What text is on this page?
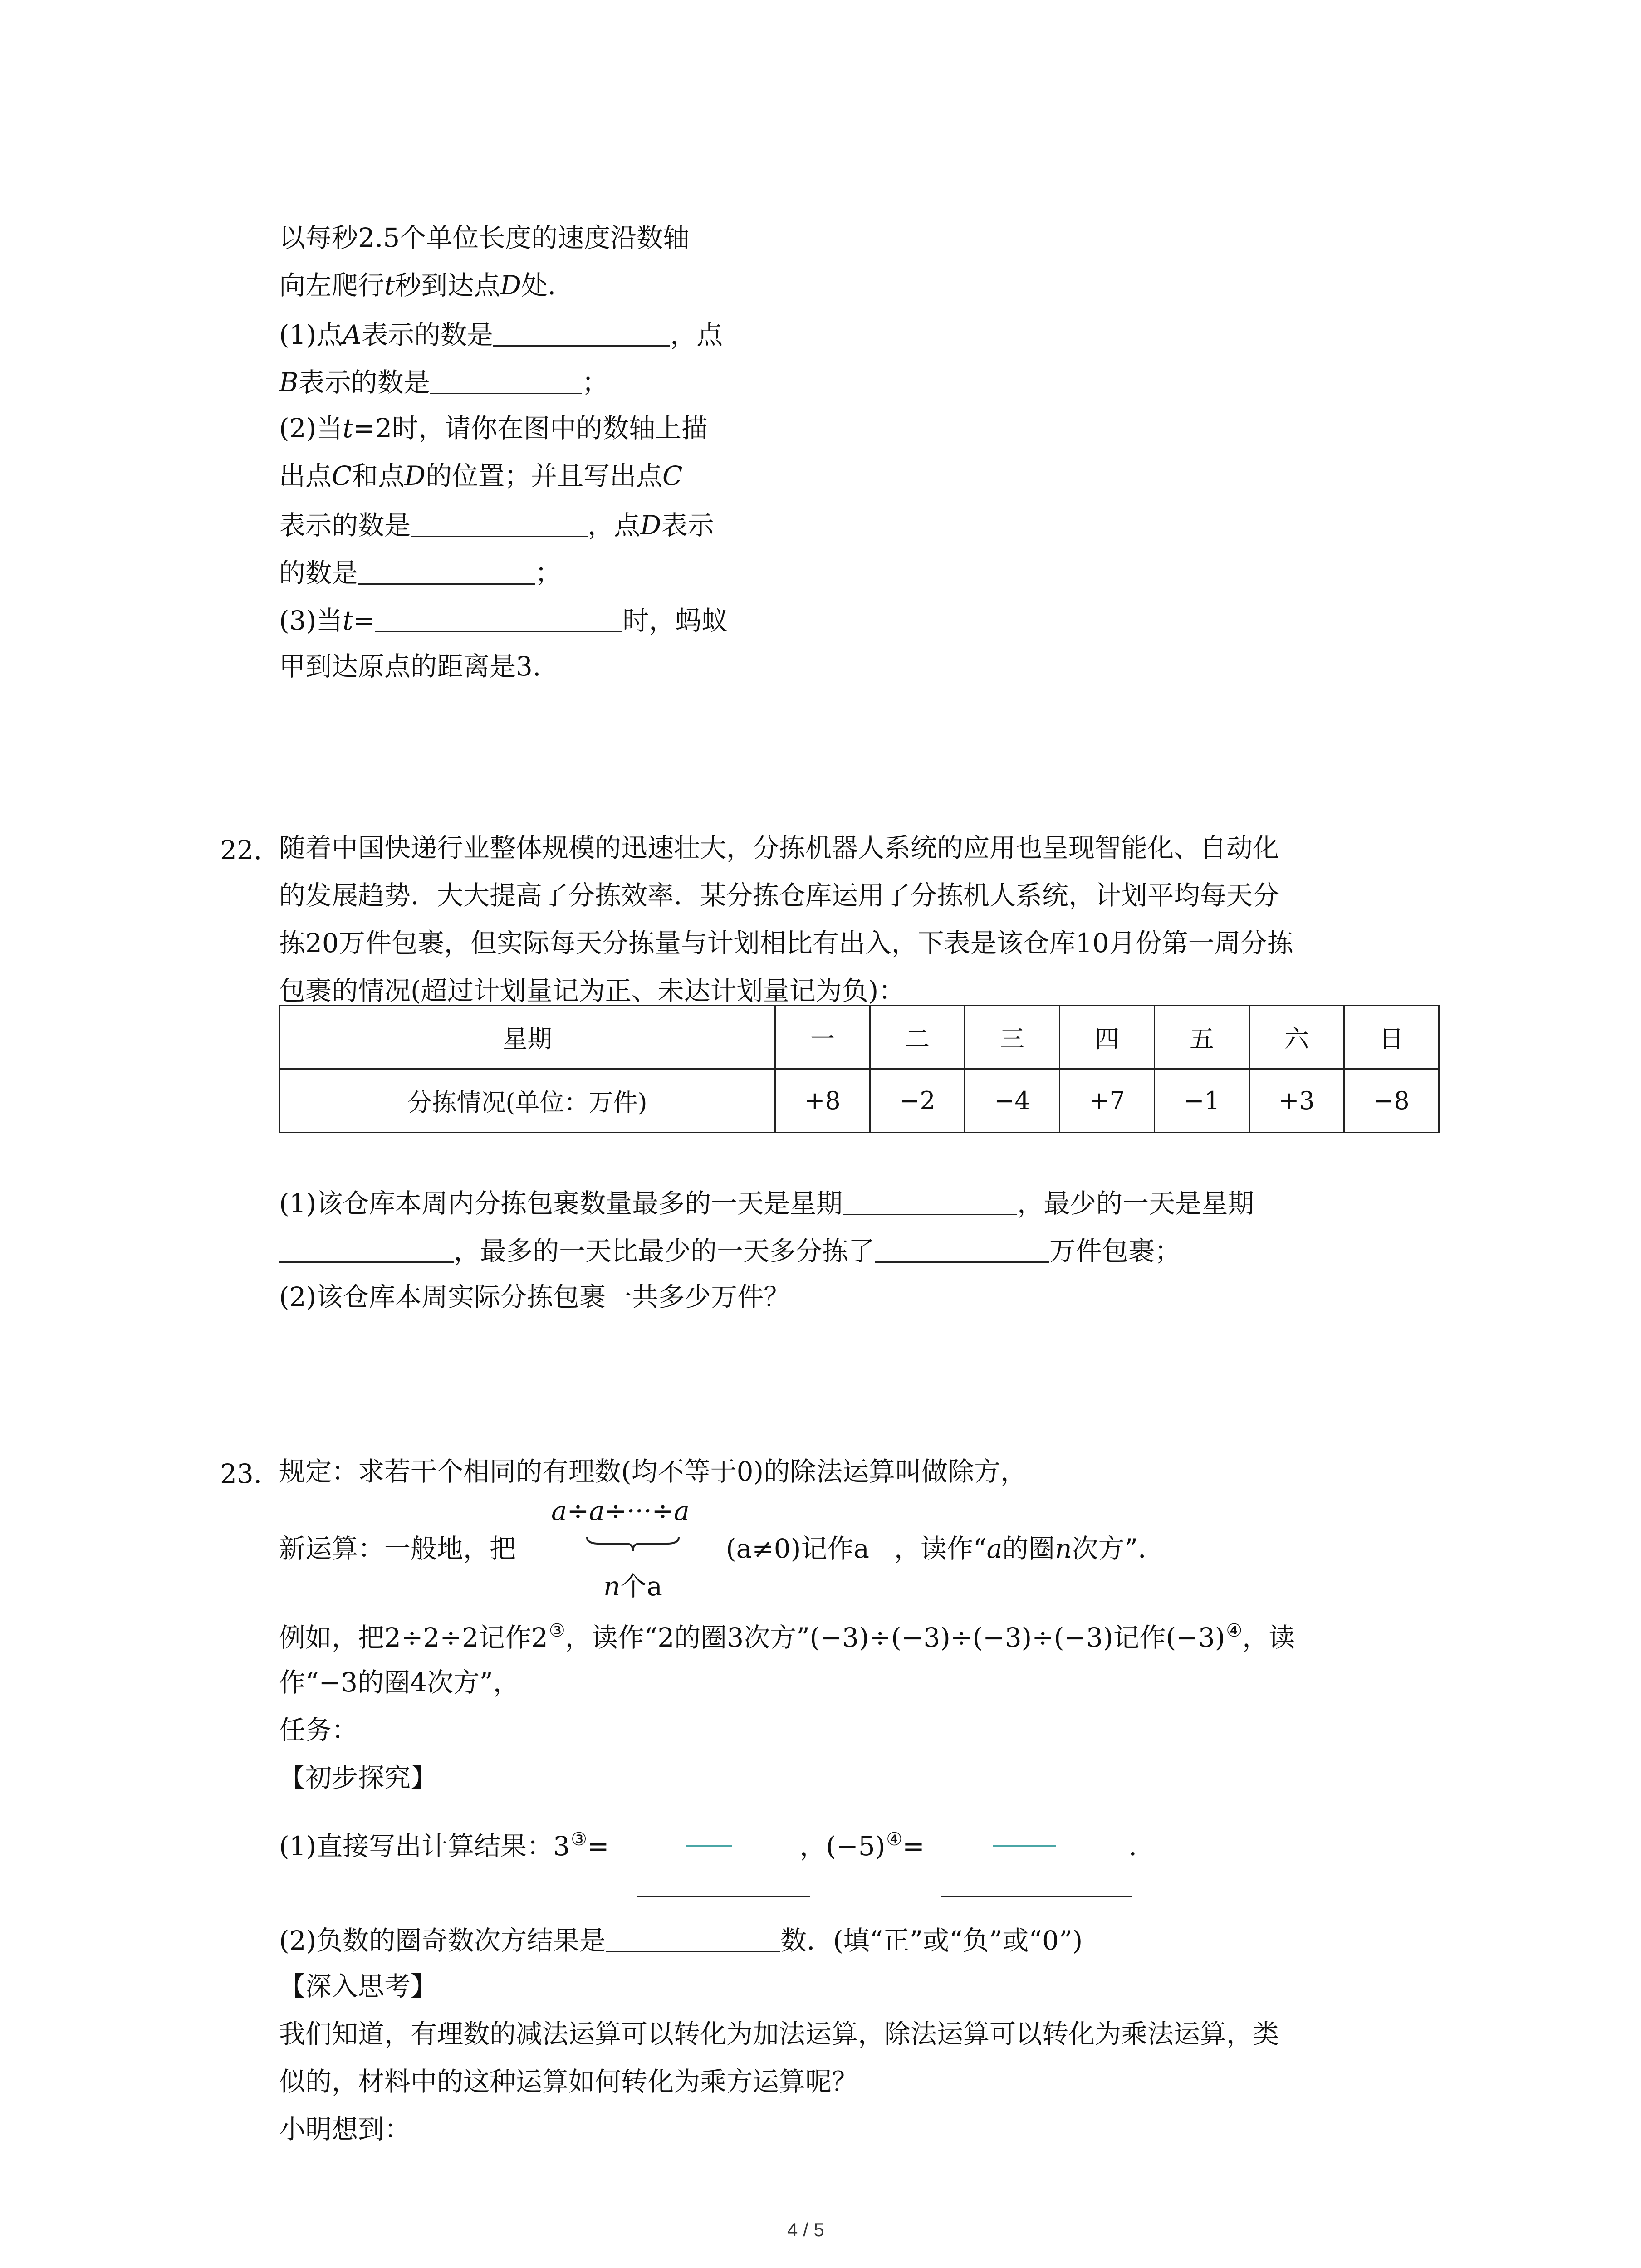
以每秒2.5个单位长度的速度沿数轴
向左爬行t秒到达点D处．
(1)点A表示的数是	，点
B表示的数是	；
(2)当t=2时，请你在图中的数轴上描
出点C和点D的位置；并且写出点C
表示的数是	，点D表示
的数是	；
(3)当t=	时，蚂蚁
甲到达原点的距离是3.
22. 随着中国快递行业整体规模的迅速壮大，分拣机器人系统的应用也呈现智能化、自动化
的发展趋势．大大提高了分拣效率．某分拣仓库运用了分拣机人系统，计划平均每天分
拣20万件包裹，但实际每天分拣量与计划相比有出入，下表是该仓库10月份第一周分拣
包裹的情况(超过计划量记为正、未达计划量记为负)：
星期	一	二	三	四	五	六	日
分拣情况(单位：万件)	+8	−2	−4	+7	−1	+3	−8
(1)该仓库本周内分拣包裹数量最多的一天是星期	，最少的一天是星期
，最多的一天比最少的一天多分拣了	万件包裹；
(2)该仓库本周实际分拣包裹一共多少万件？
23. 规定：求若干个相同的有理数(均不等于0)的除法运算叫做除方，
a÷a÷···÷a
n个a
新运算：一般地，把	(a≠0)记作a ，读作“a的圈n次方”．
例如，把2÷2÷2记作2③，读作“2的圈3次方”(−3)÷(−3)÷(−3)÷(−3)记作(−3)④，读
作“−3的圈4次方”，
任务：
【初步探究】
(1)直接写出计算结果：3③=	，(−5)④=	．
(2)负数的圈奇数次方结果是	数．(填“正”或“负”或“0”)
【深入思考】
我们知道，有理数的减法运算可以转化为加法运算，除法运算可以转化为乘法运算，类
似的，材料中的这种运算如何转化为乘方运算呢？
小明想到：
4 / 5
